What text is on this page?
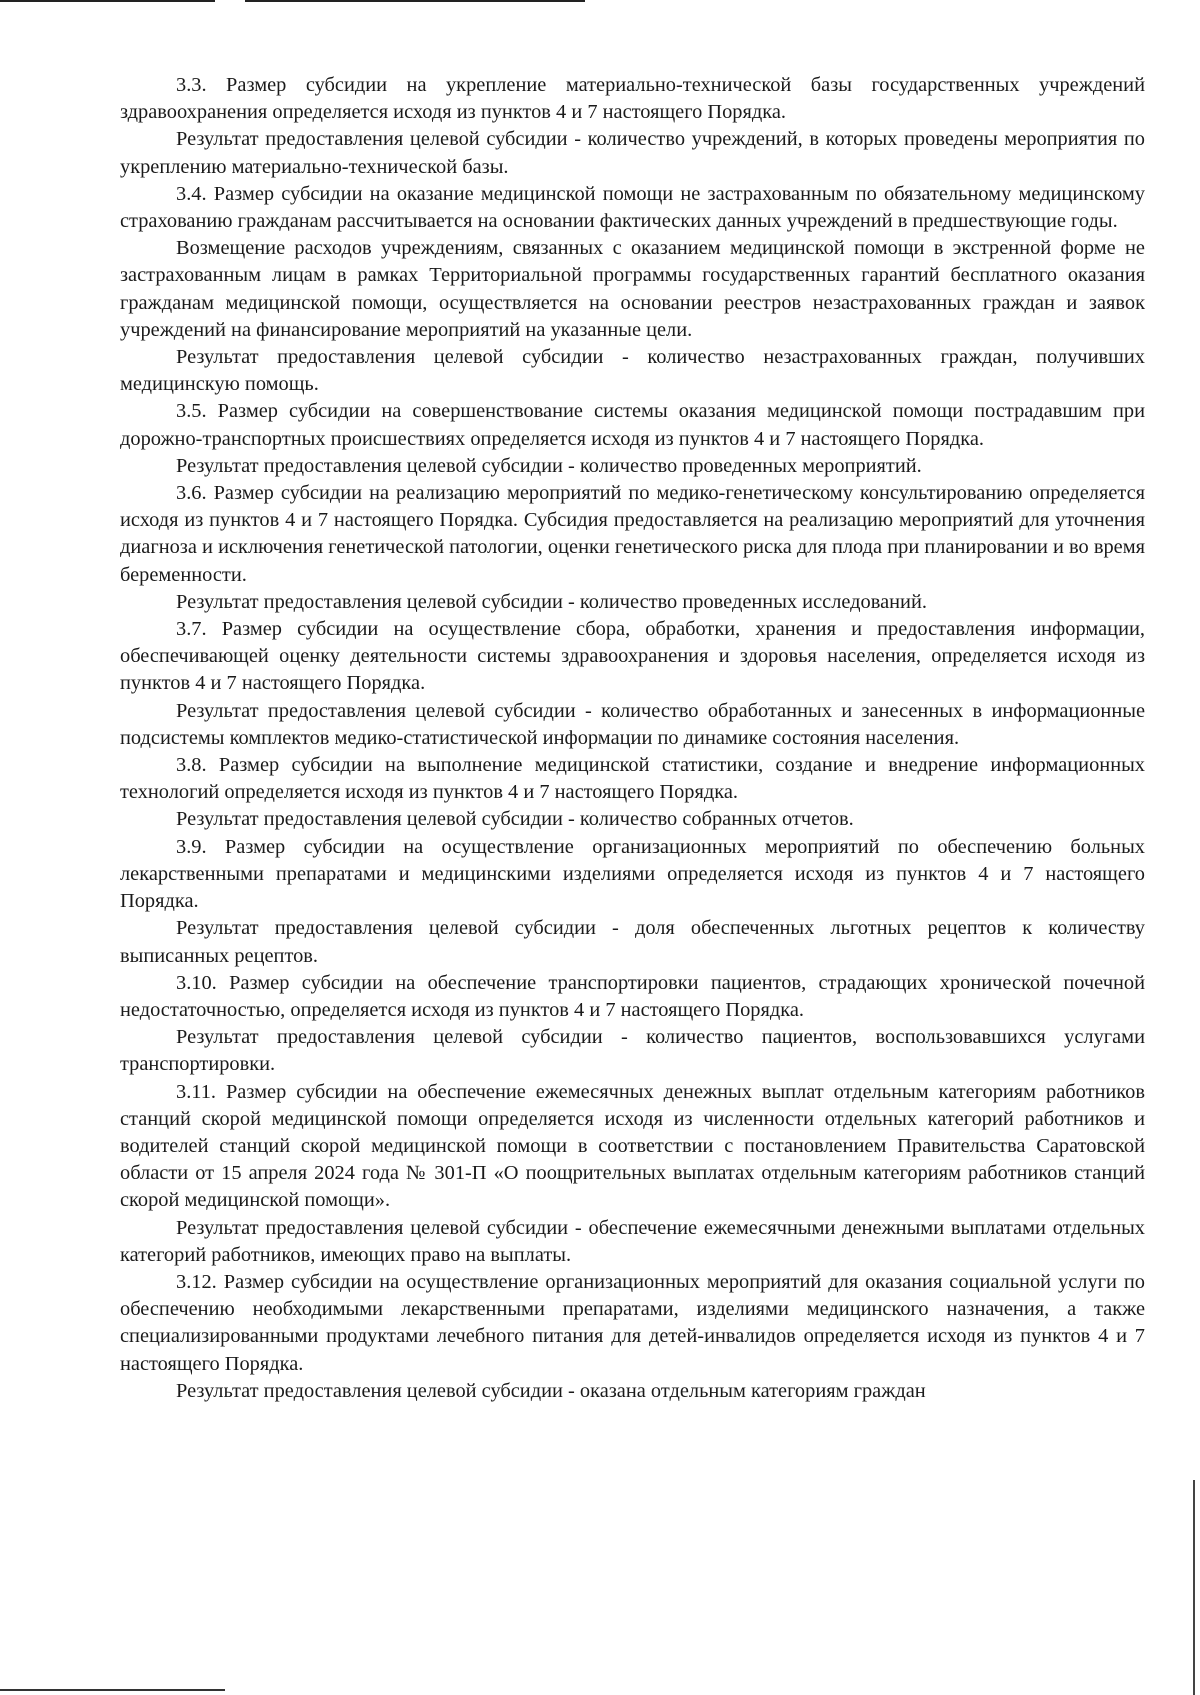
3.3. Размер субсидии на укрепление материально-технической базы государственных учреждений здравоохранения определяется исходя из пунктов 4 и 7 настоящего Порядка.

Результат предоставления целевой субсидии - количество учреждений, в которых проведены мероприятия по укреплению материально-технической базы.

3.4. Размер субсидии на оказание медицинской помощи не застрахованным по обязательному медицинскому страхованию гражданам рассчитывается на основании фактических данных учреждений в предшествующие годы.

Возмещение расходов учреждениям, связанных с оказанием медицинской помощи в экстренной форме не застрахованным лицам в рамках Территориальной программы государственных гарантий бесплатного оказания гражданам медицинской помощи, осуществляется на основании реестров незастрахованных граждан и заявок учреждений на финансирование мероприятий на указанные цели.

Результат предоставления целевой субсидии - количество незастрахованных граждан, получивших медицинскую помощь.

3.5. Размер субсидии на совершенствование системы оказания медицинской помощи пострадавшим при дорожно-транспортных происшествиях определяется исходя из пунктов 4 и 7 настоящего Порядка.

Результат предоставления целевой субсидии - количество проведенных мероприятий.

3.6. Размер субсидии на реализацию мероприятий по медико-генетическому консультированию определяется исходя из пунктов 4 и 7 настоящего Порядка. Субсидия предоставляется на реализацию мероприятий для уточнения диагноза и исключения генетической патологии, оценки генетического риска для плода при планировании и во время беременности.

Результат предоставления целевой субсидии - количество проведенных исследований.

3.7. Размер субсидии на осуществление сбора, обработки, хранения и предоставления информации, обеспечивающей оценку деятельности системы здравоохранения и здоровья населения, определяется исходя из пунктов 4 и 7 настоящего Порядка.

Результат предоставления целевой субсидии - количество обработанных и занесенных в информационные подсистемы комплектов медико-статистической информации по динамике состояния населения.

3.8. Размер субсидии на выполнение медицинской статистики, создание и внедрение информационных технологий определяется исходя из пунктов 4 и 7 настоящего Порядка.

Результат предоставления целевой субсидии - количество собранных отчетов.

3.9. Размер субсидии на осуществление организационных мероприятий по обеспечению больных лекарственными препаратами и медицинскими изделиями определяется исходя из пунктов 4 и 7 настоящего Порядка.

Результат предоставления целевой субсидии - доля обеспеченных льготных рецептов к количеству выписанных рецептов.

3.10. Размер субсидии на обеспечение транспортировки пациентов, страдающих хронической почечной недостаточностью, определяется исходя из пунктов 4 и 7 настоящего Порядка.

Результат предоставления целевой субсидии - количество пациентов, воспользовавшихся услугами транспортировки.

3.11. Размер субсидии на обеспечение ежемесячных денежных выплат отдельным категориям работников станций скорой медицинской помощи определяется исходя из численности отдельных категорий работников и водителей станций скорой медицинской помощи в соответствии с постановлением Правительства Саратовской области от 15 апреля 2024 года № 301-П «О поощрительных выплатах отдельным категориям работников станций скорой медицинской помощи».

Результат предоставления целевой субсидии - обеспечение ежемесячными денежными выплатами отдельных категорий работников, имеющих право на выплаты.

3.12. Размер субсидии на осуществление организационных мероприятий для оказания социальной услуги по обеспечению необходимыми лекарственными препаратами, изделиями медицинского назначения, а также специализированными продуктами лечебного питания для детей-инвалидов определяется исходя из пунктов 4 и 7 настоящего Порядка.

Результат предоставления целевой субсидии - оказана отдельным категориям граждан
